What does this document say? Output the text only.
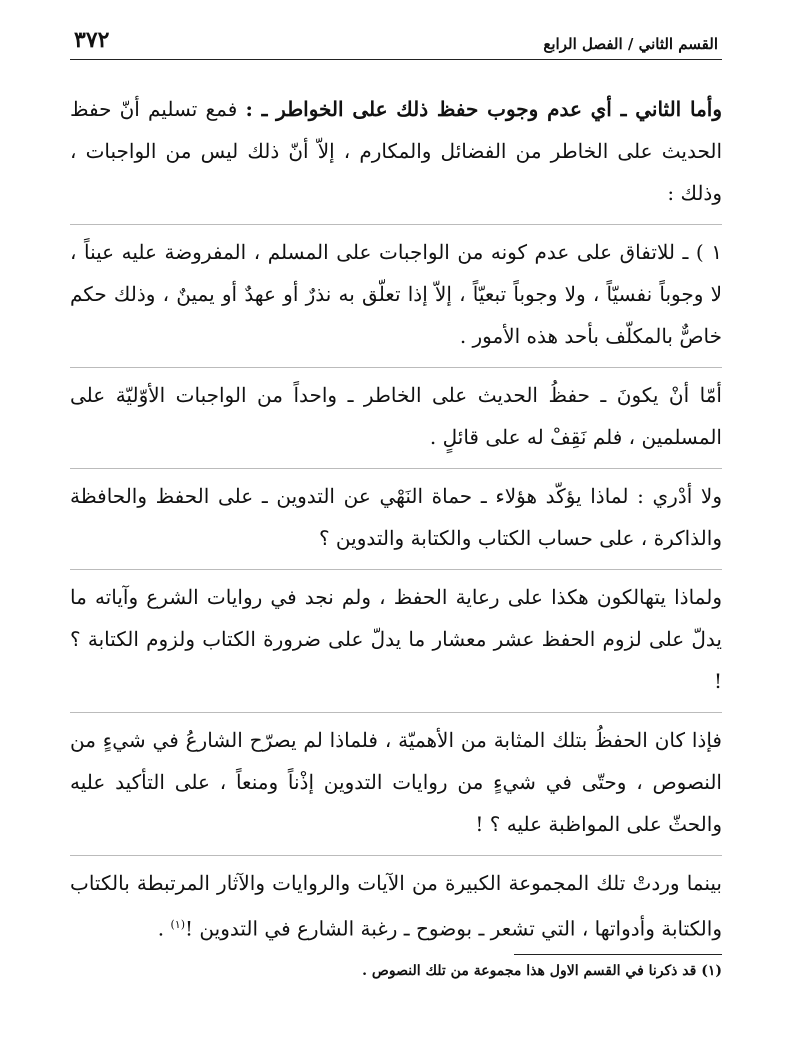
القسم الثاني / الفصل الرابع
٣٧٢

وأما الثاني ـ أي عدم وجوب حفظ ذلك على الخواطر ـ : فمع تسليم أنّ حفظ الحديث على الخاطر من الفضائل والمكارم ، إلاّ أنّ ذلك ليس من الواجبات ، وذلك :

١ ) ـ للاتفاق على عدم كونه من الواجبات على المسلم ، المفروضة عليه عيناً ، لا وجوباً نفسيّاً ، ولا وجوباً تبعيّاً ، إلاّ إذا تعلّق به نذرٌ أو عهدٌ أو يمينٌ ، وذلك حكم خاصٌّ بالمكلّف بأحد هذه الأمور .

أمّا أنْ يكونَ ـ حفظُ الحديث على الخاطر ـ واحداً من الواجبات الأوّليّة على المسلمين ، فلم نَقِفْ له على قائلٍ .

ولا أدْري : لماذا يؤكّد هؤلاء ـ حماة النَهْي عن التدوين ـ على الحفظ والحافظة والذاكرة ، على حساب الكتاب والكتابة والتدوين ؟

ولماذا يتهالكون هكذا على رعاية الحفظ ، ولم نجد في روايات الشرع وآياته ما يدلّ على لزوم الحفظ عشر معشار ما يدلّ على ضرورة الكتاب ولزوم الكتابة ؟ !

فإذا كان الحفظُ بتلك المثابة من الأهميّة ، فلماذا لم يصرّح الشارعُ في شيءٍ من النصوص ، وحتّى في شيءٍ من روايات التدوين إذْناً ومنعاً ، على التأكيد عليه والحثّ على المواظبة عليه ؟ !

بينما وردتْ تلك المجموعة الكبيرة من الآيات والروايات والآثار المرتبطة بالكتاب والكتابة وأدواتها ، التي تشعر ـ بوضوح ـ رغبة الشارع في التدوين !$^{(١)}$ .

(١) قد ذكرنا في القسم الاول هذا مجموعة من تلك النصوص .
